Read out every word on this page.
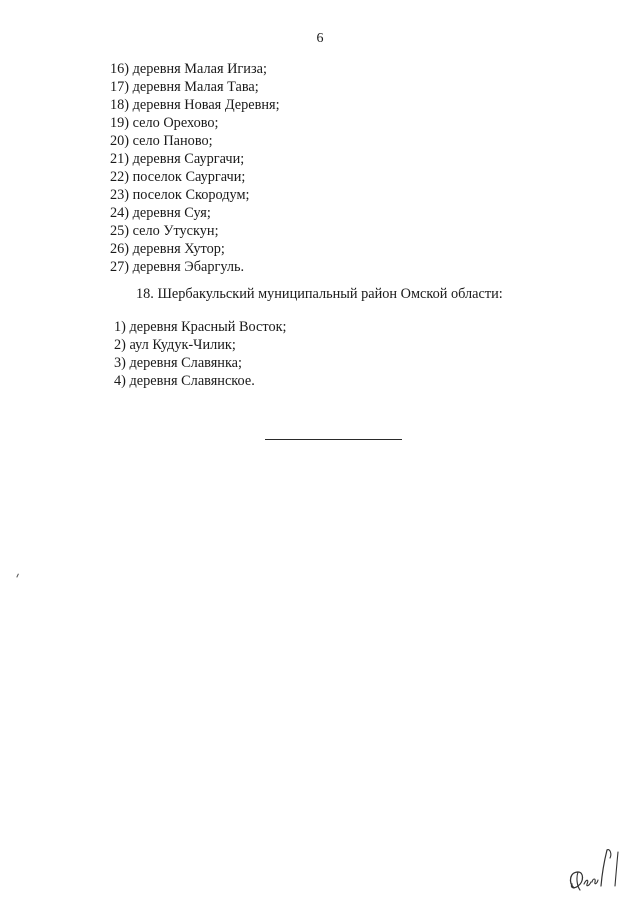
6
16) деревня Малая Игиза;
17) деревня Малая Тава;
18) деревня Новая Деревня;
19) село Орехово;
20) село Паново;
21) деревня Саургачи;
22) поселок Саургачи;
23) поселок Скородум;
24) деревня Суя;
25) село Утускун;
26) деревня Хутор;
27) деревня Эбаргуль.
18. Шербакульский муниципальный район Омской области:
1) деревня Красный Восток;
2) аул Кудук-Чилик;
3) деревня Славянка;
4) деревня Славянское.
